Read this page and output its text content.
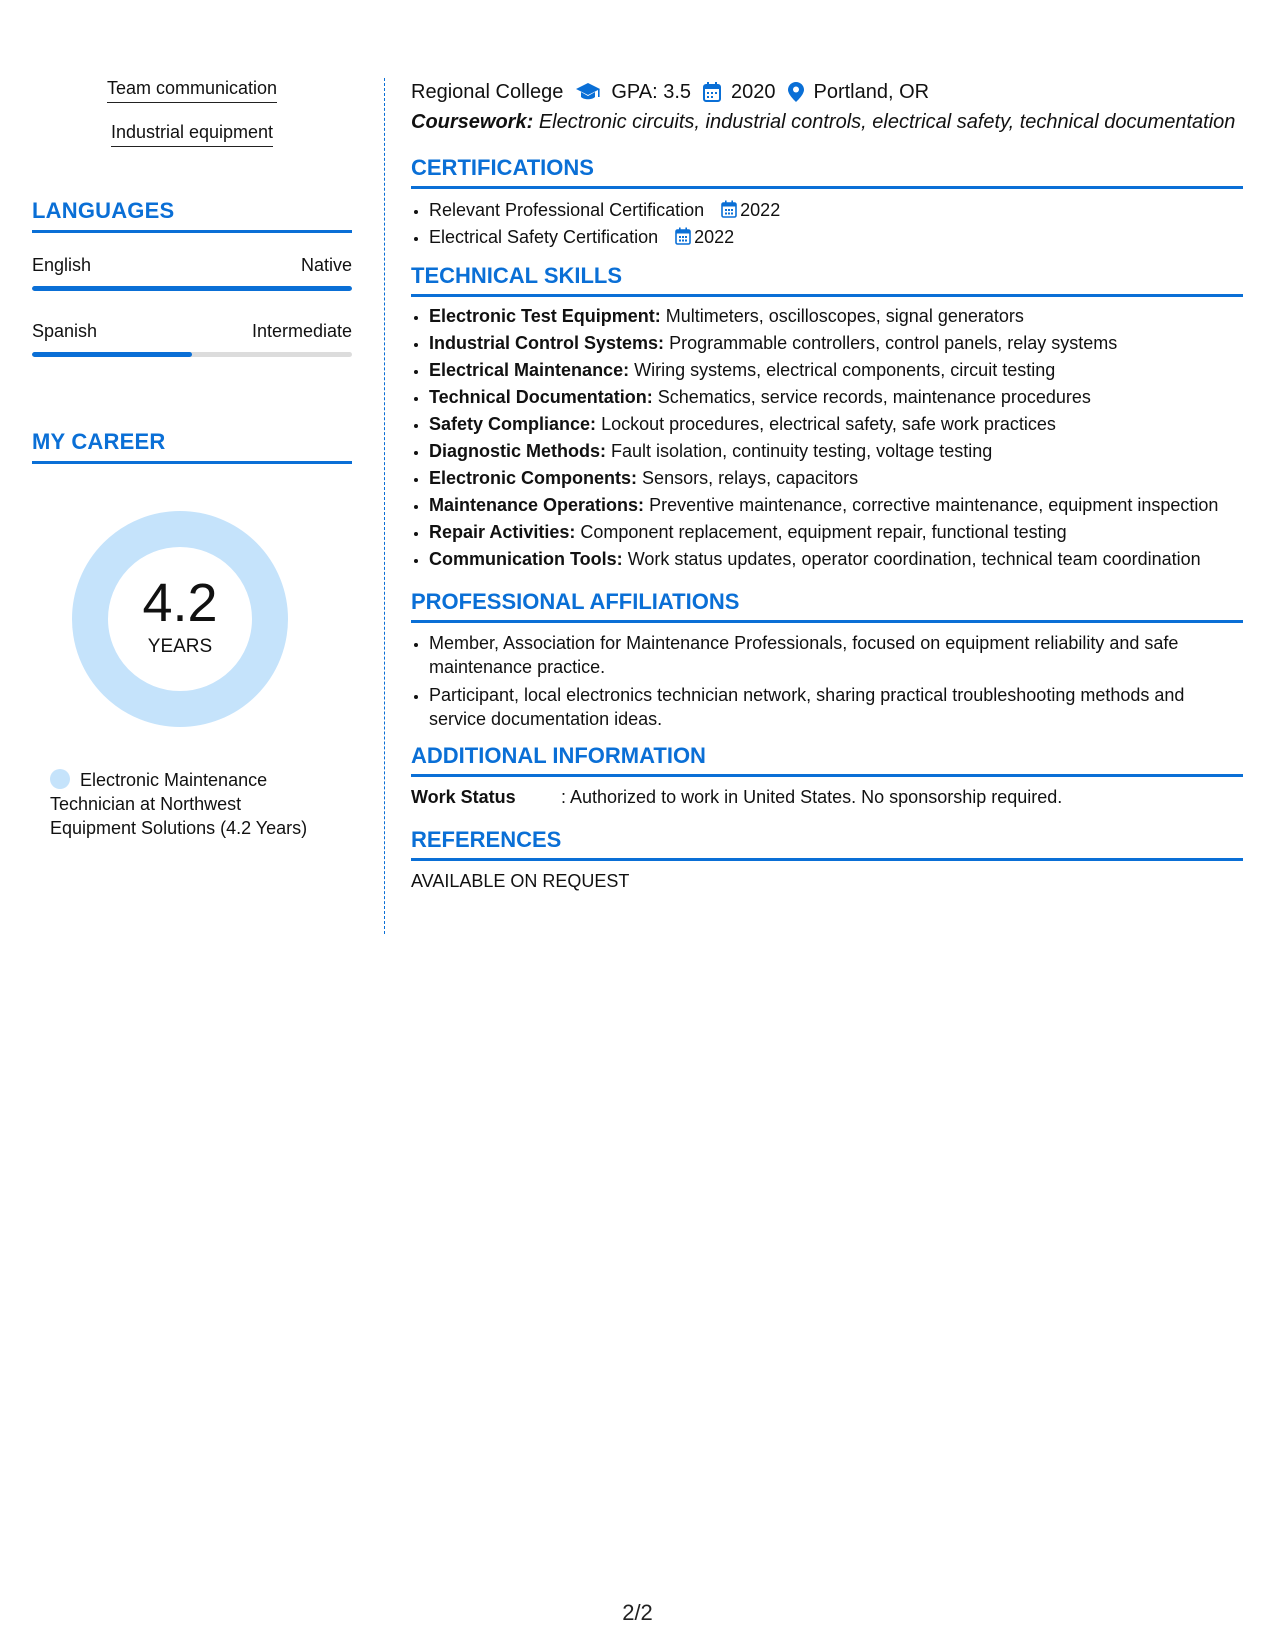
Team communication
Industrial equipment
LANGUAGES
English	Native
Spanish	Intermediate
MY CAREER
4.2
YEARS
Electronic Maintenance Technician at Northwest Equipment Solutions (4.2 Years)
Regional College GPA: 3.5 2020 Portland, OR
Coursework: Electronic circuits, industrial controls, electrical safety, technical documentation
CERTIFICATIONS
• Relevant Professional Certification 2022
• Electrical Safety Certification 2022
TECHNICAL SKILLS
• Electronic Test Equipment: Multimeters, oscilloscopes, signal generators
• Industrial Control Systems: Programmable controllers, control panels, relay systems
• Electrical Maintenance: Wiring systems, electrical components, circuit testing
• Technical Documentation: Schematics, service records, maintenance procedures
• Safety Compliance: Lockout procedures, electrical safety, safe work practices
• Diagnostic Methods: Fault isolation, continuity testing, voltage testing
• Electronic Components: Sensors, relays, capacitors
• Maintenance Operations: Preventive maintenance, corrective maintenance, equipment inspection
• Repair Activities: Component replacement, equipment repair, functional testing
• Communication Tools: Work status updates, operator coordination, technical team coordination
PROFESSIONAL AFFILIATIONS
• Member, Association for Maintenance Professionals, focused on equipment reliability and safe maintenance practice.
• Participant, local electronics technician network, sharing practical troubleshooting methods and service documentation ideas.
ADDITIONAL INFORMATION
Work Status	: Authorized to work in United States. No sponsorship required.
REFERENCES
AVAILABLE ON REQUEST
2/2
